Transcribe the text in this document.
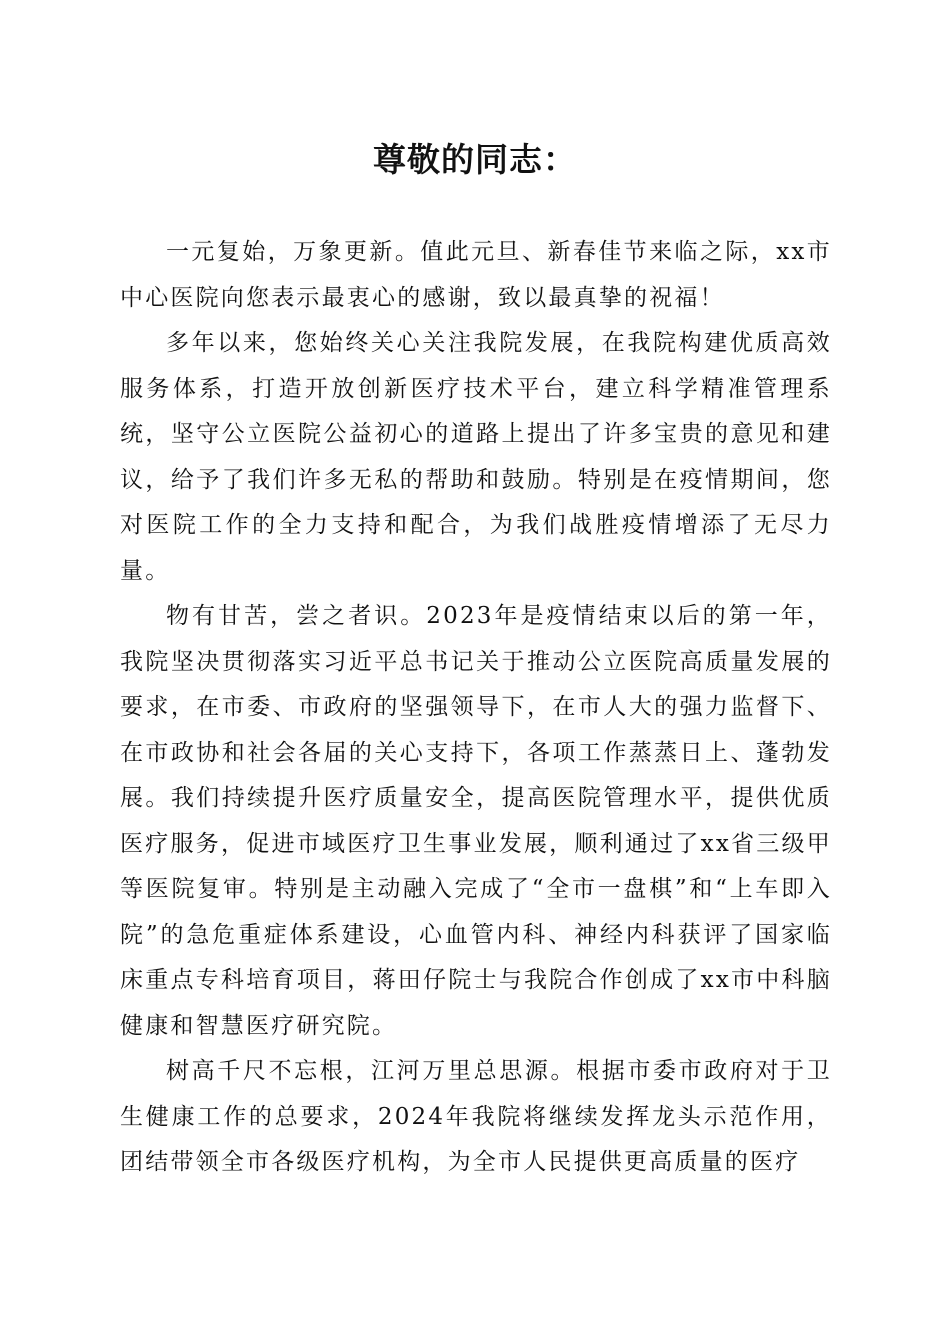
尊敬的同志：

一元复始，万象更新。值此元旦、新春佳节来临之际，xx市中心医院向您表示最衷心的感谢，致以最真挚的祝福！

多年以来，您始终关心关注我院发展，在我院构建优质高效服务体系，打造开放创新医疗技术平台，建立科学精准管理系统，坚守公立医院公益初心的道路上提出了许多宝贵的意见和建议，给予了我们许多无私的帮助和鼓励。特别是在疫情期间，您对医院工作的全力支持和配合，为我们战胜疫情增添了无尽力量。

物有甘苦，尝之者识。2023年是疫情结束以后的第一年，我院坚决贯彻落实习近平总书记关于推动公立医院高质量发展的要求，在市委、市政府的坚强领导下，在市人大的强力监督下、在市政协和社会各届的关心支持下，各项工作蒸蒸日上、蓬勃发展。我们持续提升医疗质量安全，提高医院管理水平，提供优质医疗服务，促进市域医疗卫生事业发展，顺利通过了xx省三级甲等医院复审。特别是主动融入完成了“全市一盘棋”和“上车即入院”的急危重症体系建设，心血管内科、神经内科获评了国家临床重点专科培育项目，蒋田仔院士与我院合作创成了xx市中科脑健康和智慧医疗研究院。

树高千尺不忘根，江河万里总思源。根据市委市政府对于卫生健康工作的总要求，2024年我院将继续发挥龙头示范作用，团结带领全市各级医疗机构，为全市人民提供更高质量的医疗
